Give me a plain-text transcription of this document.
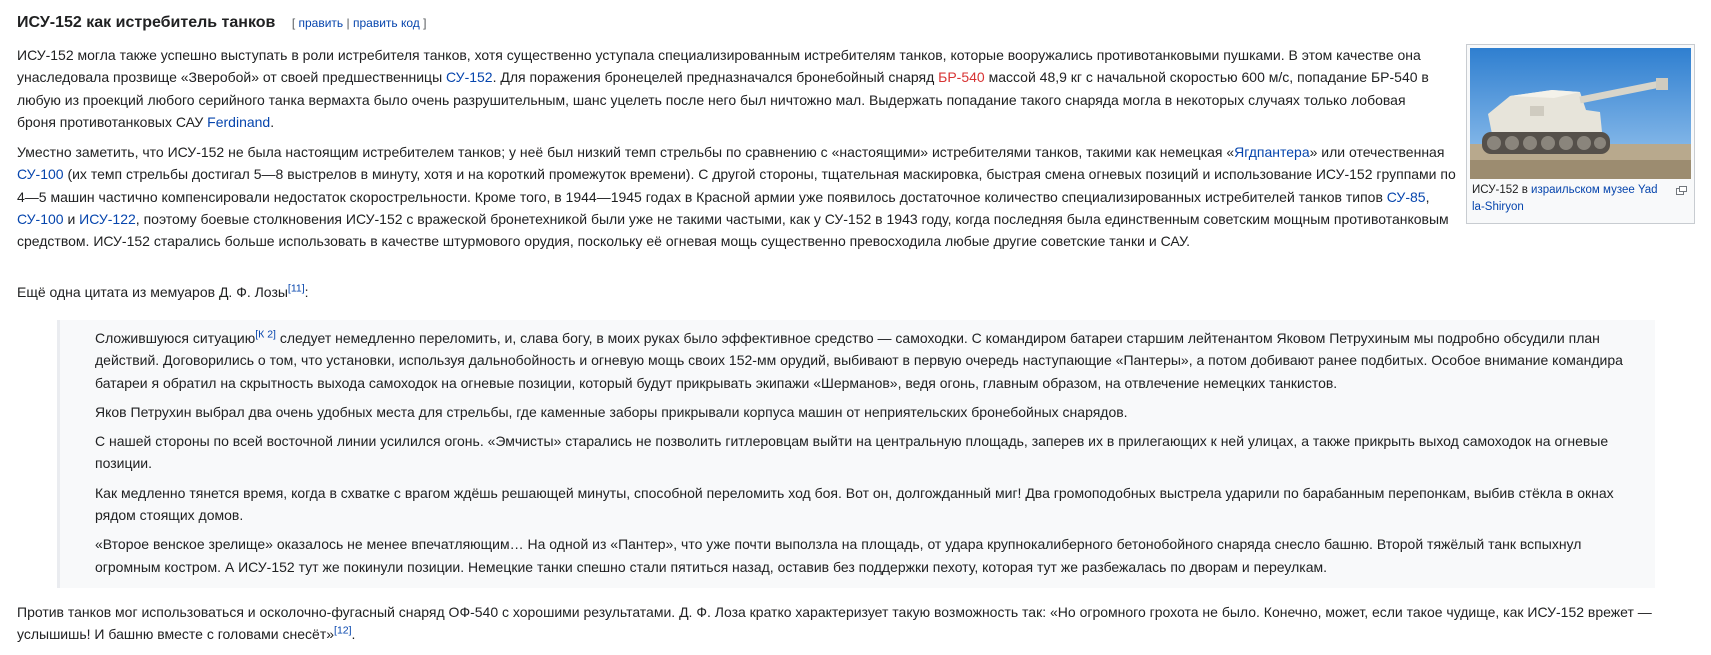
ИСУ-152 как истребитель танков [ править | править код ]

ИСУ-152 могла также успешно выступать в роли истребителя танков, хотя существенно уступала специализированным истребителям танков, которые вооружались противотанковыми пушками. В этом качестве она унаследовала прозвище «Зверобой» от своей предшественницы СУ-152. Для поражения бронецелей предназначался бронебойный снаряд БР-540 массой 48,9 кг с начальной скоростью 600 м/с, попадание БР-540 в любую из проекций любого серийного танка вермахта было очень разрушительным, шанс уцелеть после него был ничтожно мал. Выдержать попадание такого снаряда могла в некоторых случаях только лобовая броня противотанковых САУ Ferdinand.

Уместно заметить, что ИСУ-152 не была настоящим истребителем танков; у неё был низкий темп стрельбы по сравнению с «настоящими» истребителями танков, такими как немецкая «Ягдпантера» или отечественная СУ-100 (их темп стрельбы достигал 5—8 выстрелов в минуту, хотя и на короткий промежуток времени). С другой стороны, тщательная маскировка, быстрая смена огневых позиций и использование ИСУ-152 группами по 4—5 машин частично компенсировали недостаток скорострельности. Кроме того, в 1944—1945 годах в Красной армии уже появилось достаточное количество специализированных истребителей танков типов СУ-85, СУ-100 и ИСУ-122, поэтому боевые столкновения ИСУ-152 с вражеской бронетехникой были уже не такими частыми, как у СУ-152 в 1943 году, когда последняя была единственным советским мощным противотанковым средством. ИСУ-152 старались больше использовать в качестве штурмового орудия, поскольку её огневая мощь существенно превосходила любые другие советские танки и САУ.

Ещё одна цитата из мемуаров Д. Ф. Лозы[11]:

Сложившуюся ситуацию[К 2] следует немедленно переломить, и, слава богу, в моих руках было эффективное средство — самоходки. С командиром батареи старшим лейтенантом Яковом Петрухиным мы подробно обсудили план действий. Договорились о том, что установки, используя дальнобойность и огневую мощь своих 152-мм орудий, выбивают в первую очередь наступающие «Пантеры», а потом добивают ранее подбитых. Особое внимание командира батареи я обратил на скрытность выхода самоходок на огневые позиции, который будут прикрывать экипажи «Шерманов», ведя огонь, главным образом, на отвлечение немецких танкистов.

Яков Петрухин выбрал два очень удобных места для стрельбы, где каменные заборы прикрывали корпуса машин от неприятельских бронебойных снарядов.

С нашей стороны по всей восточной линии усилился огонь. «Эмчисты» старались не позволить гитлеровцам выйти на центральную площадь, заперев их в прилегающих к ней улицах, а также прикрыть выход самоходок на огневые позиции.

Как медленно тянется время, когда в схватке с врагом ждёшь решающей минуты, способной переломить ход боя. Вот он, долгожданный миг! Два громоподобных выстрела ударили по барабанным перепонкам, выбив стёкла в окнах рядом стоящих домов.

«Второе венское зрелище» оказалось не менее впечатляющим… На одной из «Пантер», что уже почти выползла на площадь, от удара крупнокалиберного бетонобойного снаряда снесло башню. Второй тяжёлый танк вспыхнул огромным костром. А ИСУ-152 тут же покинули позиции. Немецкие танки спешно стали пятиться назад, оставив без поддержки пехоту, которая тут же разбежалась по дворам и переулкам.

Против танков мог использоваться и осколочно-фугасный снаряд ОФ-540 с хорошими результатами. Д. Ф. Лоза кратко характеризует такую возможность так: «Но огромного грохота не было. Конечно, может, если такое чудище, как ИСУ-152 врежет — услышишь! И башню вместе с головами снесёт»[12].

ИСУ-152 в израильском музее Yad la-Shiryon
